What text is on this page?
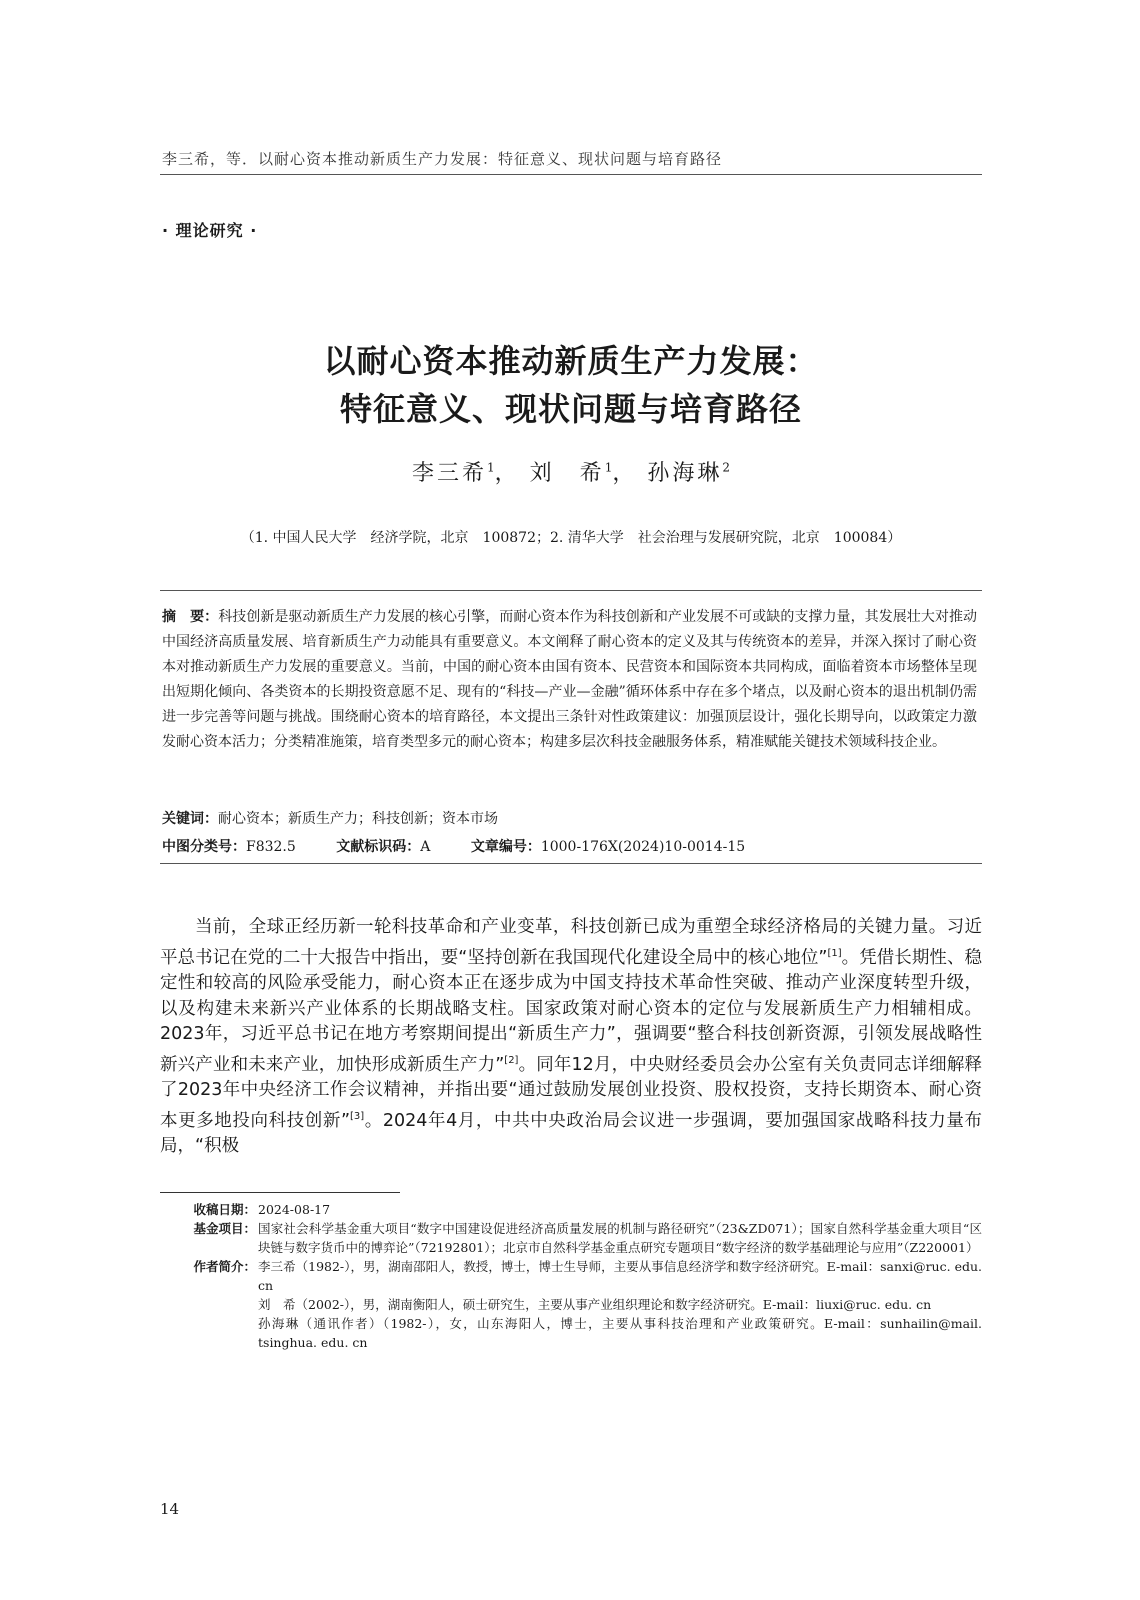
李三希，等．以耐心资本推动新质生产力发展：特征意义、现状问题与培育路径
· 理论研究 ·
以耐心资本推动新质生产力发展：
特征意义、现状问题与培育路径
李三希$^1$， 刘　希$^1$， 孙海琳$^2$
（1. 中国人民大学　经济学院，北京　100872；2. 清华大学　社会治理与发展研究院，北京　100084）
摘　要：科技创新是驱动新质生产力发展的核心引擎，而耐心资本作为科技创新和产业发展不可或缺的支撑力量，其发展壮大对推动中国经济高质量发展、培育新质生产力动能具有重要意义。本文阐释了耐心资本的定义及其与传统资本的差异，并深入探讨了耐心资本对推动新质生产力发展的重要意义。当前，中国的耐心资本由国有资本、民营资本和国际资本共同构成，面临着资本市场整体呈现出短期化倾向、各类资本的长期投资意愿不足、现有的“科技—产业—金融”循环体系中存在多个堵点，以及耐心资本的退出机制仍需进一步完善等问题与挑战。围绕耐心资本的培育路径，本文提出三条针对性政策建议：加强顶层设计，强化长期导向，以政策定力激发耐心资本活力；分类精准施策，培育类型多元的耐心资本；构建多层次科技金融服务体系，精准赋能关键技术领域科技企业。
关键词：耐心资本；新质生产力；科技创新；资本市场
中图分类号：F832.5	文献标识码：A	文章编号：1000-176X(2024)10-0014-15
当前，全球正经历新一轮科技革命和产业变革，科技创新已成为重塑全球经济格局的关键力量。习近平总书记在党的二十大报告中指出，要“坚持创新在我国现代化建设全局中的核心地位”[1]。凭借长期性、稳定性和较高的风险承受能力，耐心资本正在逐步成为中国支持技术革命性突破、推动产业深度转型升级，以及构建未来新兴产业体系的长期战略支柱。国家政策对耐心资本的定位与发展新质生产力相辅相成。2023年，习近平总书记在地方考察期间提出“新质生产力”，强调要“整合科技创新资源，引领发展战略性新兴产业和未来产业，加快形成新质生产力”[2]。同年12月，中央财经委员会办公室有关负责同志详细解释了2023年中央经济工作会议精神，并指出要“通过鼓励发展创业投资、股权投资，支持长期资本、耐心资本更多地投向科技创新”[3]。2024年4月，中共中央政治局会议进一步强调，要加强国家战略科技力量布局，“积极
收稿日期： 2024-08-17
基金项目： 国家社会科学基金重大项目“数字中国建设促进经济高质量发展的机制与路径研究”（23&ZD071）；国家自然科学基金重大项目“区块链与数字货币中的博弈论”（72192801）；北京市自然科学基金重点研究专题项目“数字经济的数学基础理论与应用”（Z220001）
作者简介： 李三希（1982-），男，湖南邵阳人，教授，博士，博士生导师，主要从事信息经济学和数字经济研究。E-mail：sanxi@ruc. edu. cn

刘　希（2002-），男，湖南衡阳人，硕士研究生，主要从事产业组织理论和数字经济研究。E-mail：liuxi@ruc. edu. cn

孙海琳（通讯作者）（1982-），女，山东海阳人，博士，主要从事科技治理和产业政策研究。E-mail：sunhailin@mail. tsinghua. edu. cn

14
